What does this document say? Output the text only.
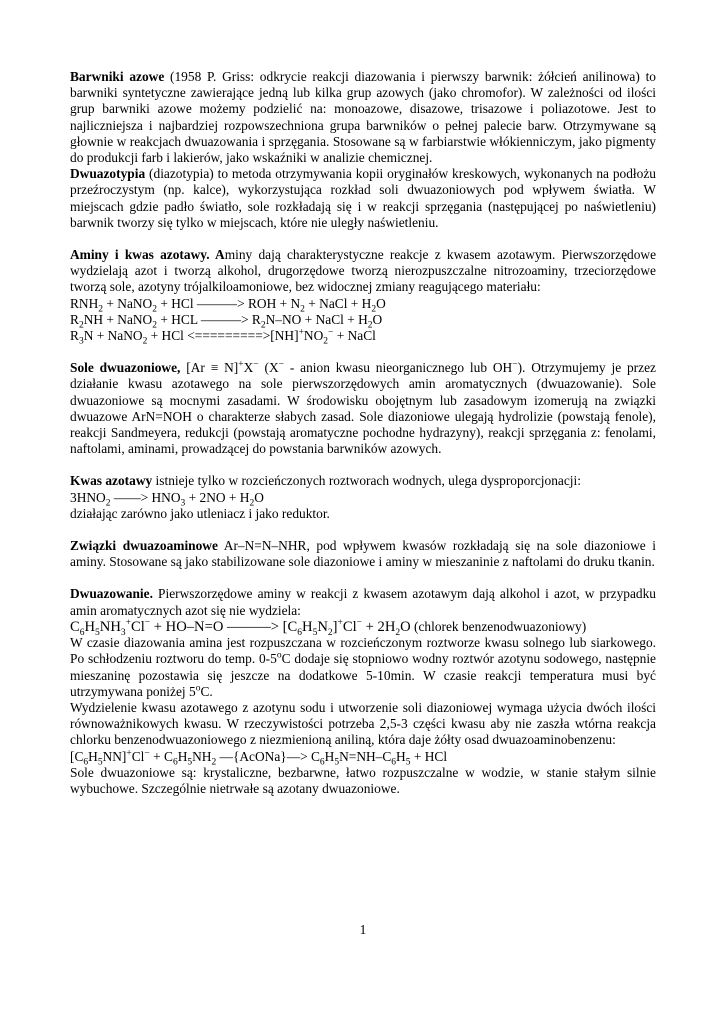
Barwniki azowe (1958 P. Griss: odkrycie reakcji diazowania i pierwszy barwnik: żółcień anilinowa) to barwniki syntetyczne zawierające jedną lub kilka grup azowych (jako chromofor). W zależności od ilości grup barwniki azowe możemy podzielić na: monoazowe, disazowe, trisazowe i poliazotowe. Jest to najliczniejsza i najbardziej rozpowszechniona grupa barwników o pełnej palecie barw. Otrzymywane są głownie w reakcjach dwuazowania i sprzęgania. Stosowane są w farbiarstwie włókienniczym, jako pigmenty do produkcji farb i lakierów, jako wskaźniki w analizie chemicznej.

Dwuazotypia (diazotypia) to metoda otrzymywania kopii oryginałów kreskowych, wykonanych na podłożu przeźroczystym (np. kalce), wykorzystująca rozkład soli dwuazoniowych pod wpływem światła. W miejscach gdzie padło światło, sole rozkładają się i w reakcji sprzęgania (następującej po naświetleniu) barwnik tworzy się tylko w miejscach, które nie uległy naświetleniu.

Aminy i kwas azotawy. Aminy dają charakterystyczne reakcje z kwasem azotawym. Pierwszorzędowe wydzielają azot i tworzą alkohol, drugorzędowe tworzą nierozpuszczalne nitrozoaminy, trzeciorzędowe tworzą sole, azotyny trójalkiloamoniowe, bez widocznej zmiany reagującego materiału:

$RNH_2$ + NaNO$_2$ + HCl ———> ROH + $N_2$ + NaCl + $H_2O$

$R_2NH$ + NaNO$_2$ + HCL ———> $R_2N-NO$ + NaCl + $H_2O$

$R_3N$ + NaNO$_2$ + HCl $<=========>[NH]^+NO_2^-$ + NaCl

Sole dwuazoniowe, [Ar ≡ N]+X− (X− - anion kwasu nieorganicznego lub OH−). Otrzymujemy je przez działanie kwasu azotawego na sole pierwszorzędowych amin aromatycznych (dwuazowanie). Sole dwuazoniowe są mocnymi zasadami. W środowisku obojętnym lub zasadowym izomerują na związki dwuazowe ArN=NOH o charakterze słabych zasad. Sole diazoniowe ulegają hydrolizie (powstają fenole), reakcji Sandmeyera, redukcji (powstają aromatyczne pochodne hydrazyny), reakcji sprzęgania z: fenolami, naftolami, aminami, prowadzącej do powstania barwników azowych.

Kwas azotawy istnieje tylko w rozcieńczonych roztworach wodnych, ulega dysproporcjonacji:

$3HNO_2$ ——> $HNO_3 + 2NO + H_2O$

działając zarówno jako utleniacz i jako reduktor.

Związki dwuazoaminowe Ar–N=N–NHR, pod wpływem kwasów rozkładają się na sole diazoniowe i aminy. Stosowane są jako stabilizowane sole diazoniowe i aminy w mieszaninie z naftolami do druku tkanin.

Dwuazowanie. Pierwszorzędowe aminy w reakcji z kwasem azotawym dają alkohol i azot, w przypadku amin aromatycznych azot się nie wydziela:

$C_6H_5NH_3^+Cl^- + HO-N=O$ ———> $[C_6H_5N_2]^+Cl^- + 2H_2O$ (chlorek benzenodwuazoniowy)

W czasie diazowania amina jest rozpuszczana w rozcieńczonym roztworze kwasu solnego lub siarkowego. Po schłodzeniu roztworu do temp. 0-5$^o$C dodaje się stopniowo wodny roztwór azotynu sodowego, następnie mieszaninę pozostawia się jeszcze na dodatkowe 5-10min. W czasie reakcji temperatura musi być utrzymywana poniżej 5$^o$C.

Wydzielenie kwasu azotawego z azotynu sodu i utworzenie soli diazoniowej wymaga użycia dwóch ilości równoważnikowych kwasu. W rzeczywistości potrzeba 2,5-3 części kwasu aby nie zaszła wtórna reakcja chlorku benzenodwuazoniowego z niezmienioną aniliną, która daje żółty osad dwuazoaminobenzenu:

$[C_6H_5NN]^+Cl^- + C_6H_5NH_2$ —{AcONa}—> $C_6H_5N=NH-C_6H_5$ + HCl

Sole dwuazoniowe są: krystaliczne, bezbarwne, łatwo rozpuszczalne w wodzie, w stanie stałym silnie wybuchowe. Szczególnie nietrwałe są azotany dwuazoniowe.

1
